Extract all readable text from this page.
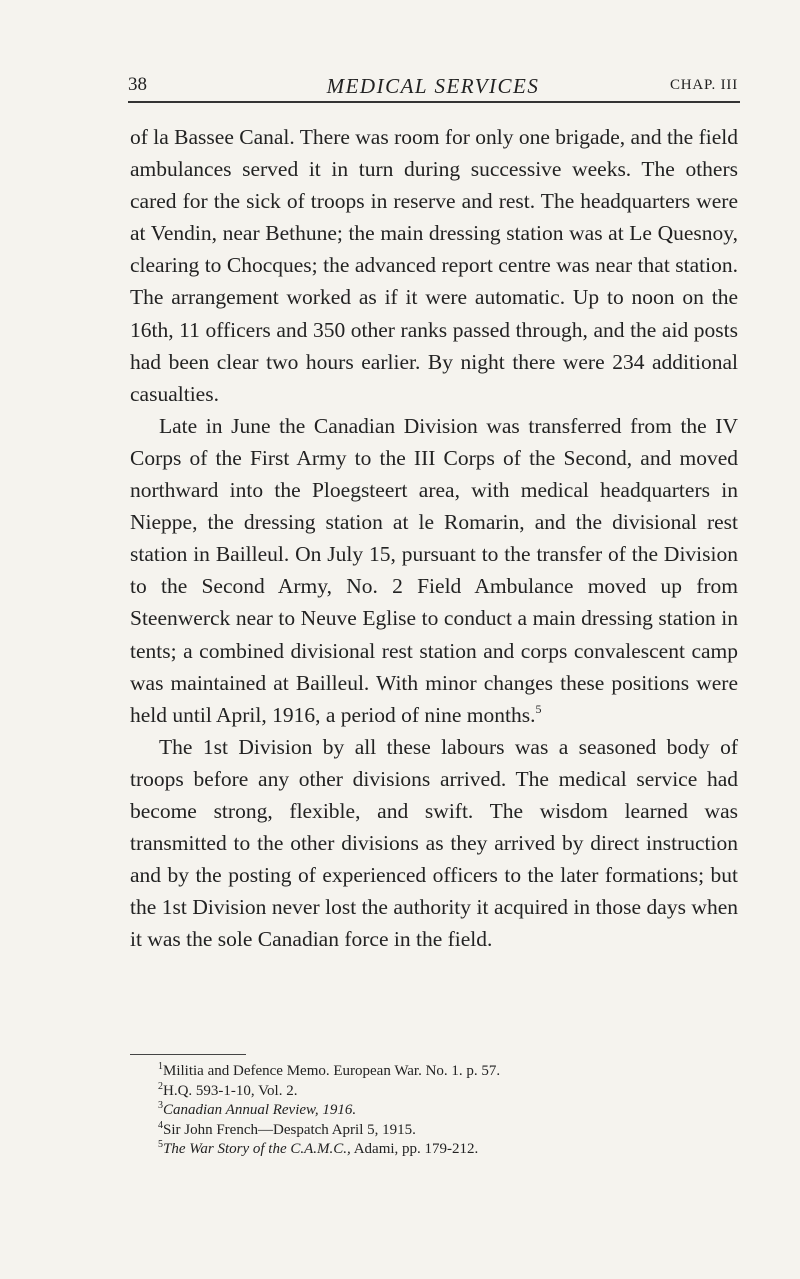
38	MEDICAL SERVICES	CHAP. III

of la Bassee Canal. There was room for only one brigade, and the field ambulances served it in turn during successive weeks. The others cared for the sick of troops in reserve and rest. The headquarters were at Vendin, near Bethune; the main dressing station was at Le Quesnoy, clearing to Chocques; the advanced report centre was near that station. The arrangement worked as if it were automatic. Up to noon on the 16th, 11 officers and 350 other ranks passed through, and the aid posts had been clear two hours earlier. By night there were 234 additional casualties.

Late in June the Canadian Division was transferred from the IV Corps of the First Army to the III Corps of the Second, and moved northward into the Ploegsteert area, with medical headquarters in Nieppe, the dressing station at le Romarin, and the divisional rest station in Bailleul. On July 15, pursuant to the transfer of the Division to the Second Army, No. 2 Field Ambulance moved up from Steenwerck near to Neuve Eglise to conduct a main dressing station in tents; a combined divisional rest station and corps convalescent camp was maintained at Bailleul. With minor changes these positions were held until April, 1916, a period of nine months.$^5$

The 1st Division by all these labours was a seasoned body of troops before any other divisions arrived. The medical service had become strong, flexible, and swift. The wisdom learned was transmitted to the other divisions as they arrived by direct instruction and by the posting of experienced officers to the later formations; but the 1st Division never lost the authority it acquired in those days when it was the sole Canadian force in the field.

$^1$Militia and Defence Memo. European War. No. 1. p. 57.

$^2$H.Q. 593-1-10, Vol. 2.

$^3$Canadian Annual Review, 1916.

$^4$Sir John French—Despatch April 5, 1915.

$^5$The War Story of the C.A.M.C., Adami, pp. 179-212.
